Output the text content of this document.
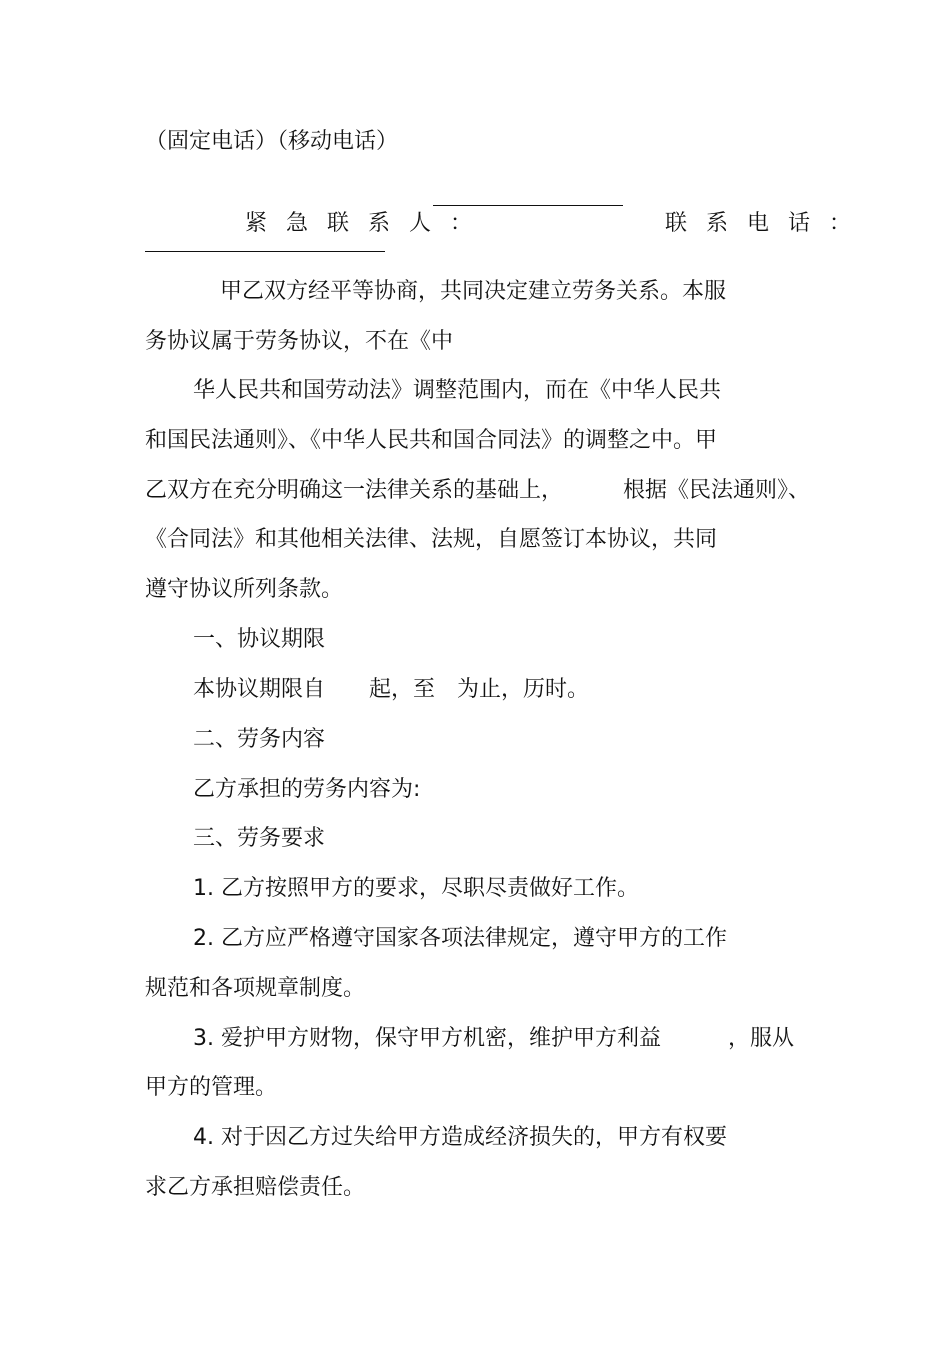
（固定电话）（移动电话）

紧急联系人：
	联系电话：

甲乙双方经平等协商，共同决定建立劳务关系。本服
务协议属于劳务协议，不在《中
华人民共和国劳动法》调整范围内，而在《中华人民共
和国民法通则》、《中华人民共和国合同法》的调整之中。甲
乙双方在充分明确这一法律关系的基础上，	根据《民法通则》、
《合同法》和其他相关法律、法规，自愿签订本协议，共同
遵守协议所列条款。
一、协议期限
本协议期限自　　起，至　为止，历时。
二、劳务内容
乙方承担的劳务内容为:
三、劳务要求
1. 乙方按照甲方的要求，尽职尽责做好工作。
2. 乙方应严格遵守国家各项法律规定，遵守甲方的工作
规范和各项规章制度。
3. 爱护甲方财物，保守甲方机密，维护甲方利益	，服从
甲方的管理。
4. 对于因乙方过失给甲方造成经济损失的，甲方有权要
求乙方承担赔偿责任。
